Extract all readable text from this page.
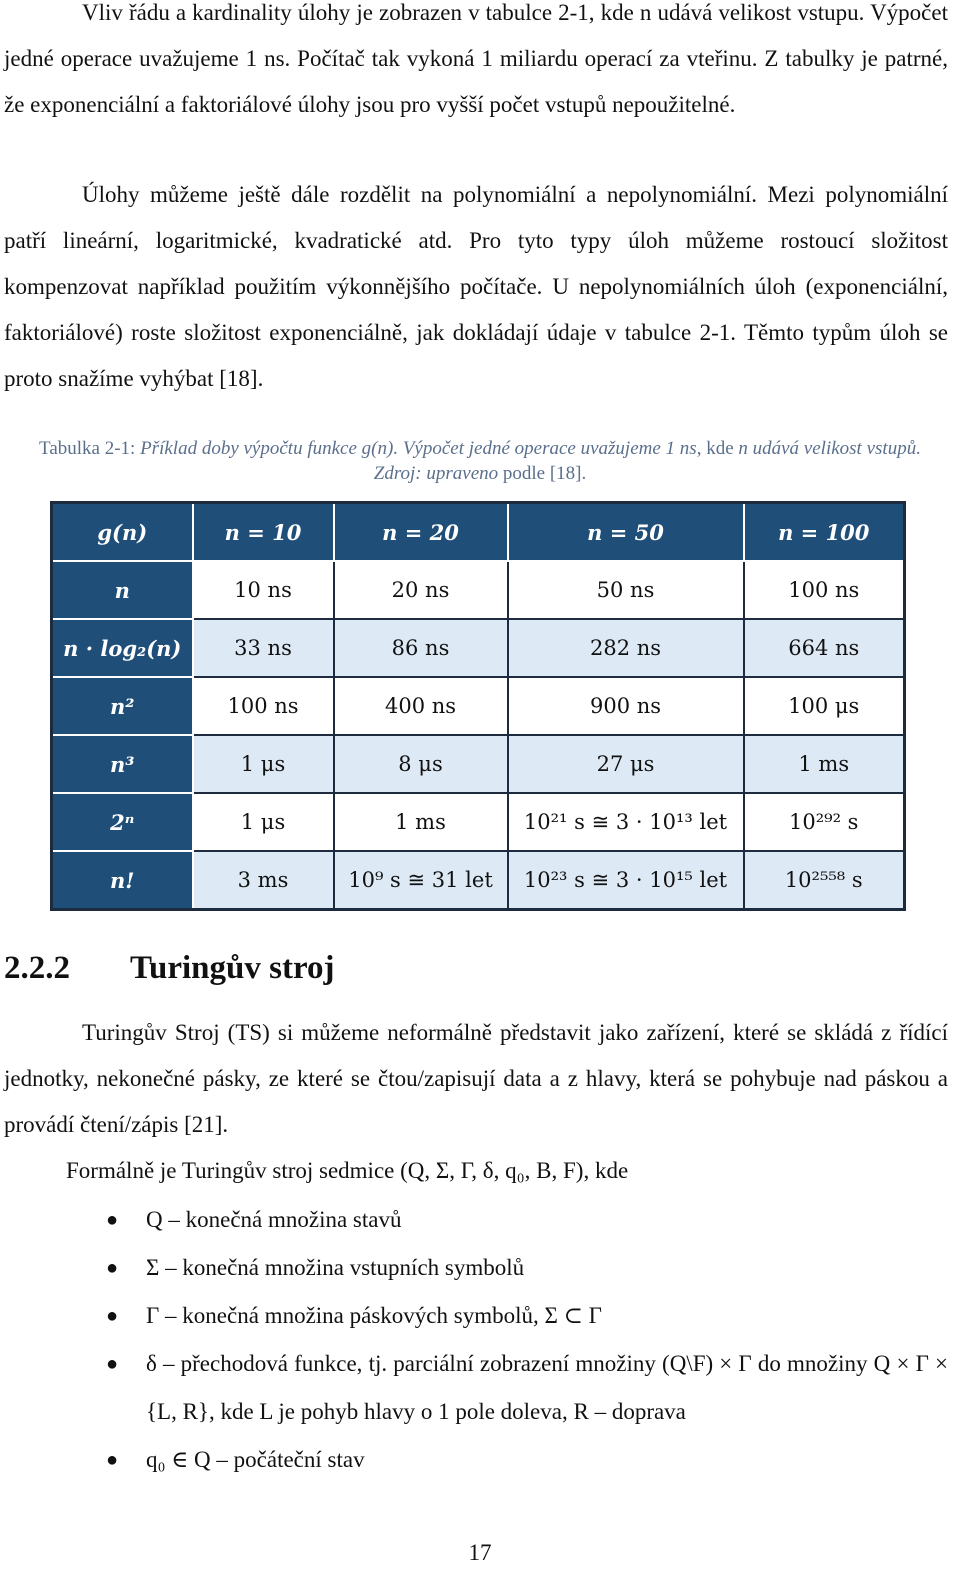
Vliv řádu a kardinality úlohy je zobrazen v tabulce 2-1, kde n udává velikost vstupu. Výpočet jedné operace uvažujeme 1 ns. Počítač tak vykoná 1 miliardu operací za vteřinu. Z tabulky je patrné, že exponenciální a faktoriálové úlohy jsou pro vyšší počet vstupů nepoužitelné.

Úlohy můžeme ještě dále rozdělit na polynomiální a nepolynomiální. Mezi polynomiální patří lineární, logaritmické, kvadratické atd. Pro tyto typy úloh můžeme rostoucí složitost kompenzovat například použitím výkonnějšího počítače. U nepolynomiálních úloh (exponenciální, faktoriálové) roste složitost exponenciálně, jak dokládají údaje v tabulce 2-1. Těmto typům úloh se proto snažíme vyhýbat [18].

Tabulka 2-1: Příklad doby výpočtu funkce g(n). Výpočet jedné operace uvažujeme 1 ns, kde n udává velikost vstupů. Zdroj: upraveno podle [18].
g(n)	n = 10	n = 20	n = 50	n = 100
n	10 ns	20 ns	50 ns	100 ns
n · log₂(n)	33 ns	86 ns	282 ns	664 ns
n²	100 ns	400 ns	900 ns	100 μs
n³	1 μs	8 μs	27 μs	1 ms
2ⁿ	1 μs	1 ms	10²¹ s ≅ 3 · 10¹³ let	10²⁹² s
n!	3 ms	10⁹ s ≅ 31 let	10²³ s ≅ 3 · 10¹⁵ let	10²⁵⁵⁸ s
2.2.2 Turingův stroj

Turingův Stroj (TS) si můžeme neformálně představit jako zařízení, které se skládá z řídící jednotky, nekonečné pásky, ze které se čtou/zapisují data a z hlavy, která se pohybuje nad páskou a provádí čtení/zápis [21].

Formálně je Turingův stroj sedmice (Q, Σ, Γ, δ, q₀, B, F), kde

● Q – konečná množina stavů
● Σ – konečná množina vstupních symbolů
● Γ – konečná množina páskových symbolů, Σ ⊂ Γ
● δ – přechodová funkce, tj. parciální zobrazení množiny (Q\F) × Γ do množiny Q × Γ × {L, R}, kde L je pohyb hlavy o 1 pole doleva, R – doprava
● q₀ ∈ Q – počáteční stav
17
